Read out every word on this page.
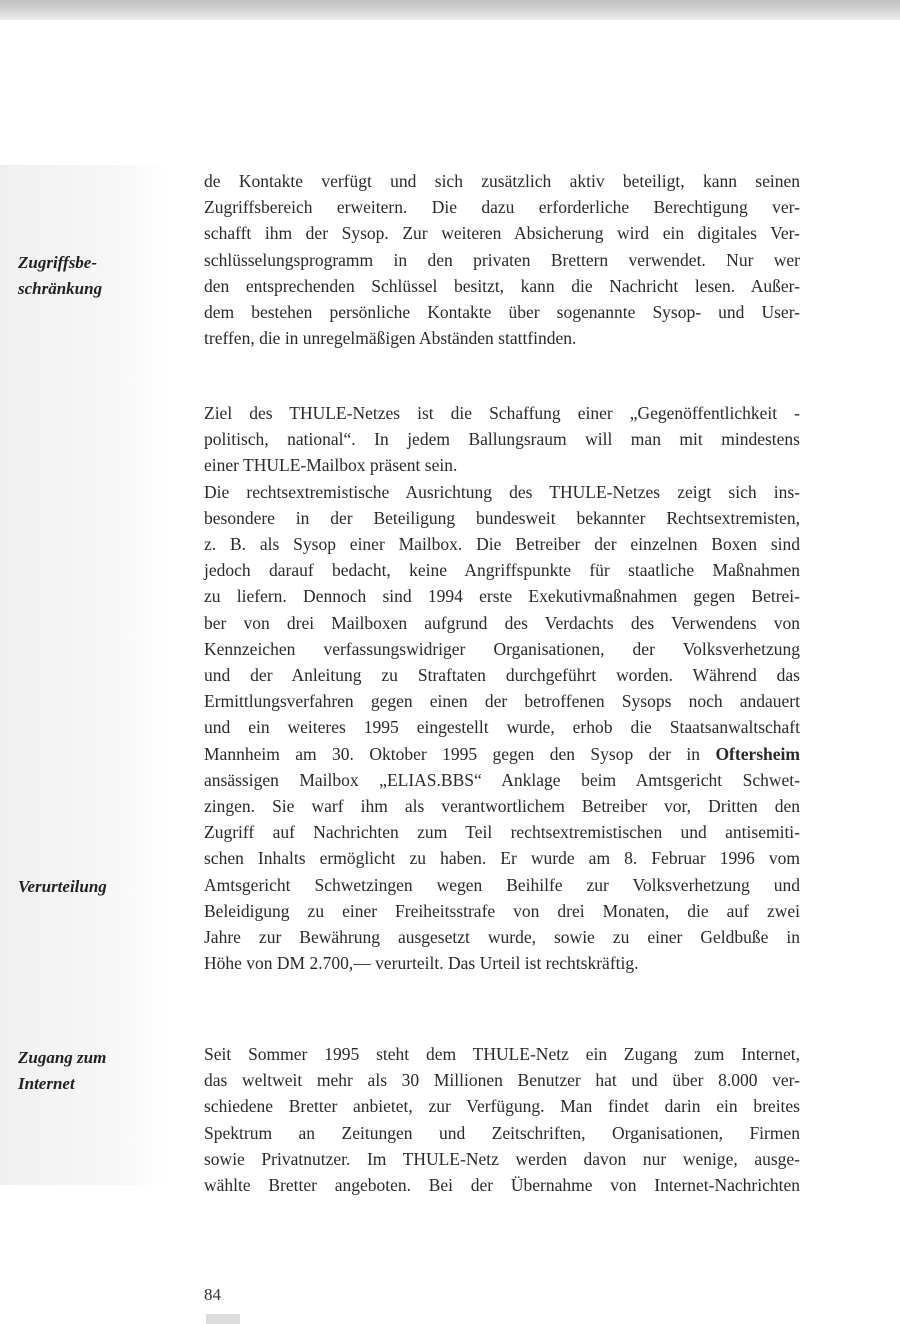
Zugriffsbe-
schränkung
Verurteilung
Zugang zum
Internet
de Kontakte verfügt und sich zusätzlich aktiv beteiligt, kann seinen
Zugriffsbereich erweitern. Die dazu erforderliche Berechtigung ver-
schafft ihm der Sysop. Zur weiteren Absicherung wird ein digitales Ver-
schlüsselungsprogramm in den privaten Brettern verwendet. Nur wer
den entsprechenden Schlüssel besitzt, kann die Nachricht lesen. Außer-
dem bestehen persönliche Kontakte über sogenannte Sysop- und User-
treffen, die in unregelmäßigen Abständen stattfinden.
Ziel des THULE-Netzes ist die Schaffung einer „Gegenöffentlichkeit -
politisch, national“. In jedem Ballungsraum will man mit mindestens
einer THULE-Mailbox präsent sein.
Die rechtsextremistische Ausrichtung des THULE-Netzes zeigt sich ins-
besondere in der Beteiligung bundesweit bekannter Rechtsextremisten,
z. B. als Sysop einer Mailbox. Die Betreiber der einzelnen Boxen sind
jedoch darauf bedacht, keine Angriffspunkte für staatliche Maßnahmen
zu liefern. Dennoch sind 1994 erste Exekutivmaßnahmen gegen Betrei-
ber von drei Mailboxen aufgrund des Verdachts des Verwendens von
Kennzeichen verfassungswidriger Organisationen, der Volksverhetzung
und der Anleitung zu Straftaten durchgeführt worden. Während das
Ermittlungsverfahren gegen einen der betroffenen Sysops noch andauert
und ein weiteres 1995 eingestellt wurde, erhob die Staatsanwaltschaft
Mannheim am 30. Oktober 1995 gegen den Sysop der in Oftersheim
ansässigen Mailbox „ELIAS.BBS“ Anklage beim Amtsgericht Schwet-
zingen. Sie warf ihm als verantwortlichem Betreiber vor, Dritten den
Zugriff auf Nachrichten zum Teil rechtsextremistischen und antisemiti-
schen Inhalts ermöglicht zu haben. Er wurde am 8. Februar 1996 vom
Amtsgericht Schwetzingen wegen Beihilfe zur Volksverhetzung und
Beleidigung zu einer Freiheitsstrafe von drei Monaten, die auf zwei
Jahre zur Bewährung ausgesetzt wurde, sowie zu einer Geldbuße in
Höhe von DM 2.700,— verurteilt. Das Urteil ist rechtskräftig.
Seit Sommer 1995 steht dem THULE-Netz ein Zugang zum Internet,
das weltweit mehr als 30 Millionen Benutzer hat und über 8.000 ver-
schiedene Bretter anbietet, zur Verfügung. Man findet darin ein breites
Spektrum an Zeitungen und Zeitschriften, Organisationen, Firmen
sowie Privatnutzer. Im THULE-Netz werden davon nur wenige, ausge-
wählte Bretter angeboten. Bei der Übernahme von Internet-Nachrichten
84
